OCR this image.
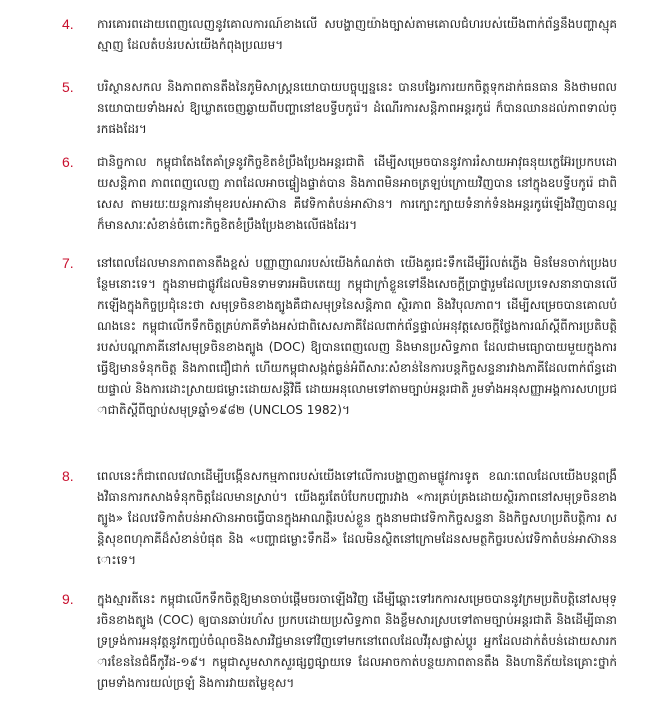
4. ការគោរពដោយពេញលេញនូវគោលការណ៍ខាងលើ សបង្ហាញយ៉ាងច្បាស់តាមគោលជំហរបស់យើងពាក់ព័ន្ធនឹងបញ្ហាស្មុគស្មាញ ដែលតំបន់របស់យើងកំពុងប្រឈម។
5. បរិស្ថានសកល និងភាពតានតឹងនៃភូមិសាស្ត្រនយោបាយបច្ចុប្បន្ននេះ បានបង្វែរការយកចិត្តទុកដាក់ធនធាន និងថាមពលនយោបាយទាំងអស់ ឱ្យឃ្លាតចេញឆ្ងាយពីបញ្ហានៅឧបទ្វីបកូរ៉េ។ ដំណើរការសន្តិភាពអន្តរកូរ៉េ ក៏បានឈានដល់ភាពទាល់ច្រកផងដែរ។
6. ជានិច្ចកាល កម្ពុជាតែងតែគាំទ្រនូវកិច្ចខិតខំប្រឹងប្រែងអន្តរជាតិ ដើម្បីសម្រេចបាននូវការរំសាយអាវុធនុយក្លេអ៊ែរប្រកបដោយសន្តិភាព ភាពពេញលេញ ភាពដែលអាចផ្ទៀងផ្ទាត់បាន និងភាពមិនអាចត្រឡប់ក្រោយវិញបាន នៅក្នុងឧបទ្វីបកូរ៉េ ជាពិសេស តាមរយៈយន្តការនាំមុខរបស់អាស៊ាន គឺវេទិកាតំបន់អាស៊ាន។ ការក្បោះក្បាយទំនាក់ទំនងអន្តរកូរ៉េឡើងវិញបានល្អ ក៏មានសារៈសំខាន់ចំពោះកិច្ចខិតខំប្រឹងប្រែងខាងលើផងដែរ។
7. នៅពេលដែលមានភាពតានតឹងខ្ពស់ បញ្ញាញាណរបស់យើងកំណត់ថា យើងគួរជះទឹកដើម្បីរំលត់ភ្លើង មិនមែនចាក់ប្រេងបន្ថែមនោះទេ។ ក្នុងនាមជាផ្លូវដែលមិនទាមទារអធិបតេយ្យ កម្ពុជាក្រាំខ្លួនទៅនឹងសេចក្តីប្រាថ្នារួមដែលប្រទេសនានាបានលើកឡើងក្នុងកិច្ចប្រជុំនេះថា សមុទ្រចិនខាងត្បូងគឺជាសមុទ្រនៃសន្តិភាព ស្ថិរភាព និងវិបុលភាព។ ដើម្បីសម្រេចបានគោលបំណងនេះ កម្ពុជាលើកទឹកចិត្តគ្រប់ភាគីទាំងអស់ជាពិសេសភាគីដែលពាក់ព័ន្ធផ្ទាល់អនុវត្តសេចក្តីថ្លែងការណ៍ស្តីពីការប្រតិបត្តិរបស់បណ្តាភាគីនៅសមុទ្រចិនខាងត្បូង (DOC) ឱ្យបានពេញលេញ និងមានប្រសិទ្ធភាព ដែលជាមធ្យោបាយមួយក្នុងការធ្វើឱ្យមានទំនុកចិត្ត និងភាពជឿជាក់ ហើយកម្ពុជាសង្កត់ធ្ងន់អំពីសារៈសំខាន់នៃការបន្តកិច្ចសន្ទនារវាងភាគីដែលពាក់ព័ន្ធដោយផ្ទាល់ និងការដោះស្រាយជម្លោះដោយសន្តិវិធី ដោយអនុលោមទៅតាមច្បាប់អន្តរជាតិ រួមទាំងអនុសញ្ញាអង្គការសហប្រជាជាតិស្តីពីច្បាប់សមុទ្រឆ្នាំ១៩៨២ (UNCLOS 1982)។
8. ពេលនេះក៏ជាពេលវេលាដើម្បីបង្កើនសកម្មភាពរបស់យើងទៅលើការបង្ហាញតាមផ្លូវការទូត ខណៈពេលដែលយើងបន្តពង្រឹងវិធានការកសាងទំនុកចិត្តដែលមានស្រាប់។ យើងគួរតែបំបែកបញ្ហារវាង «ការគ្រប់គ្រងដោយស្ថិរភាពនៅសមុទ្រចិនខាងត្បូង» ដែលវេទិកាតំបន់អាស៊ានអាចធ្វើបានក្នុងអាណត្តិរបស់ខ្លួន ក្នុងនាមជាវេទិកាកិច្ចសន្ទនា និងកិច្ចសហប្រតិបត្តិការ សន្តិសុខពហុភាគីដ៏សំខាន់បំផុត និង «បញ្ហាជម្លោះទឹកដី» ដែលមិនស្ថិតនៅក្រោមដែនសមត្ថកិច្ចរបស់វេទិកាតំបន់អាស៊ាននោះទេ។
9. ក្នុងស្មារតីនេះ កម្ពុជាលើកទឹកចិត្តឱ្យមានចាប់ផ្តើមចរចាឡើងវិញ ដើម្បីឆ្ពោះទៅរកការសម្រេចបាននូវក្រមប្រតិបត្តិនៅសមុទ្រចិនខាងត្បូង (COC) ឲ្យបានឆាប់រហ័ស ប្រកបដោយប្រសិទ្ធភាព និងខ្លឹមសារស្របទៅតាមច្បាប់អន្តរជាតិ និងដើម្បីធានាទ្រទ្រង់ការអនុវត្តនូវកញ្ចប់ចំណុចនិងសារវិជ្ជមានទៅវិញទៅមកនៅពេលដែលវីរុសផ្លាស់ប្តូរ អ្នកដែលដាក់តំបន់ដោយសារការខែននៃជំងឺកូវីដ-១៩។ កម្ពុជាសូមសាកសួរផ្សព្វផ្សាយទេ ដែលអាចកាត់បន្ថយភាពតានតឹង និងហានិភ័យនៃគ្រោះថ្នាក់ ព្រមទាំងការយល់ច្រឡំ និងការវាយតម្លៃខុស។
